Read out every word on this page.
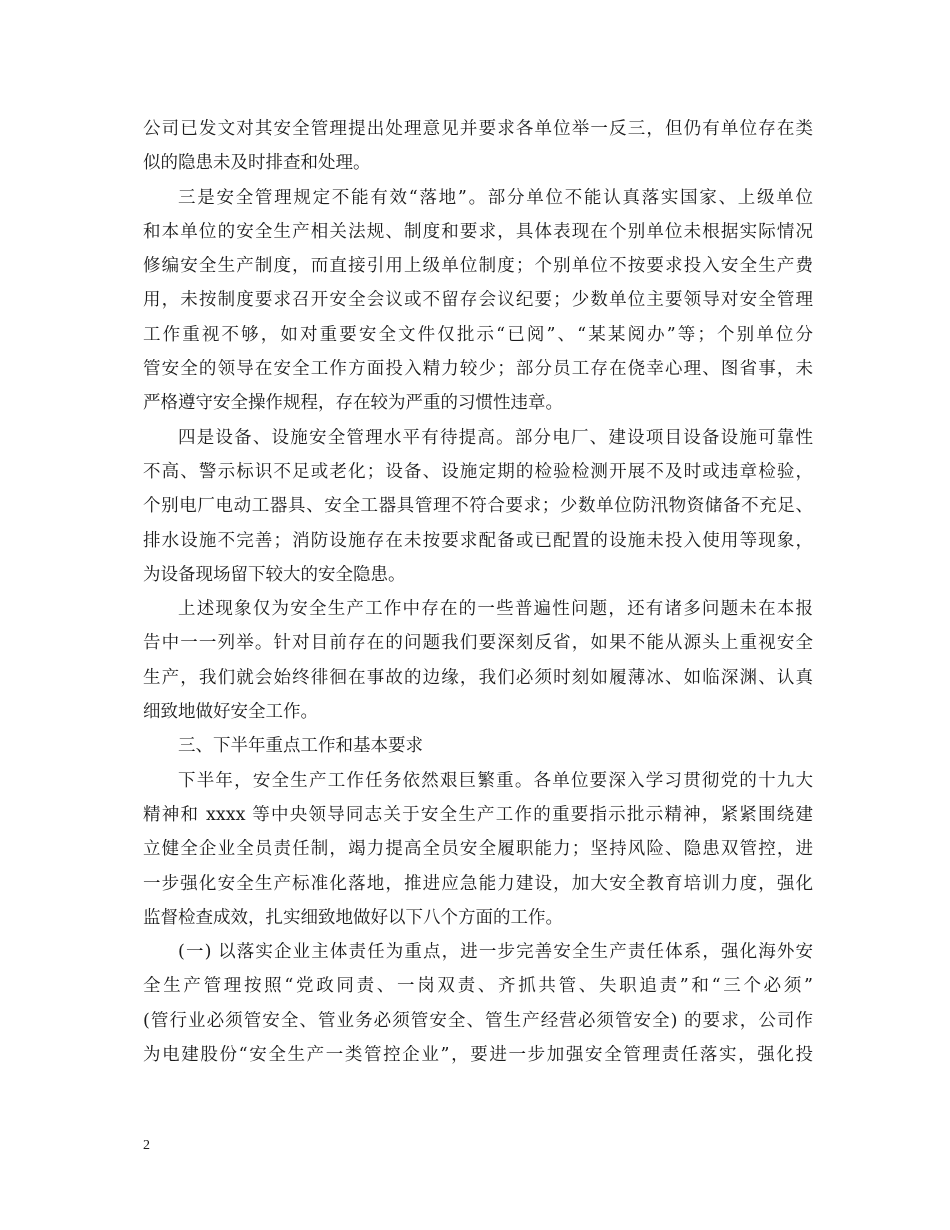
公司已发文对其安全管理提出处理意见并要求各单位举一反三，但仍有单位存在类
似的隐患未及时排查和处理。
三是安全管理规定不能有效“落地”。部分单位不能认真落实国家、上级单位
和本单位的安全生产相关法规、制度和要求，具体表现在个别单位未根据实际情况
修编安全生产制度，而直接引用上级单位制度；个别单位不按要求投入安全生产费
用，未按制度要求召开安全会议或不留存会议纪要；少数单位主要领导对安全管理
工作重视不够，如对重要安全文件仅批示“已阅”、“某某阅办”等；个别单位分
管安全的领导在安全工作方面投入精力较少；部分员工存在侥幸心理、图省事，未
严格遵守安全操作规程，存在较为严重的习惯性违章。
四是设备、设施安全管理水平有待提高。部分电厂、建设项目设备设施可靠性
不高、警示标识不足或老化；设备、设施定期的检验检测开展不及时或违章检验，
个别电厂电动工器具、安全工器具管理不符合要求；少数单位防汛物资储备不充足、
排水设施不完善；消防设施存在未按要求配备或已配置的设施未投入使用等现象，
为设备现场留下较大的安全隐患。
上述现象仅为安全生产工作中存在的一些普遍性问题，还有诸多问题未在本报
告中一一列举。针对目前存在的问题我们要深刻反省，如果不能从源头上重视安全
生产，我们就会始终徘徊在事故的边缘，我们必须时刻如履薄冰、如临深渊、认真
细致地做好安全工作。
三、下半年重点工作和基本要求
下半年，安全生产工作任务依然艰巨繁重。各单位要深入学习贯彻党的十九大
精神和 xxxx 等中央领导同志关于安全生产工作的重要指示批示精神，紧紧围绕建
立健全企业全员责任制，竭力提高全员安全履职能力；坚持风险、隐患双管控，进
一步强化安全生产标准化落地，推进应急能力建设，加大安全教育培训力度，强化
监督检查成效，扎实细致地做好以下八个方面的工作。
(一) 以落实企业主体责任为重点，进一步完善安全生产责任体系，强化海外安
全生产管理按照“党政同责、一岗双责、齐抓共管、失职追责”和“三个必须”
(管行业必须管安全、管业务必须管安全、管生产经营必须管安全) 的要求，公司作
为电建股份“安全生产一类管控企业”，要进一步加强安全管理责任落实，强化投
2
